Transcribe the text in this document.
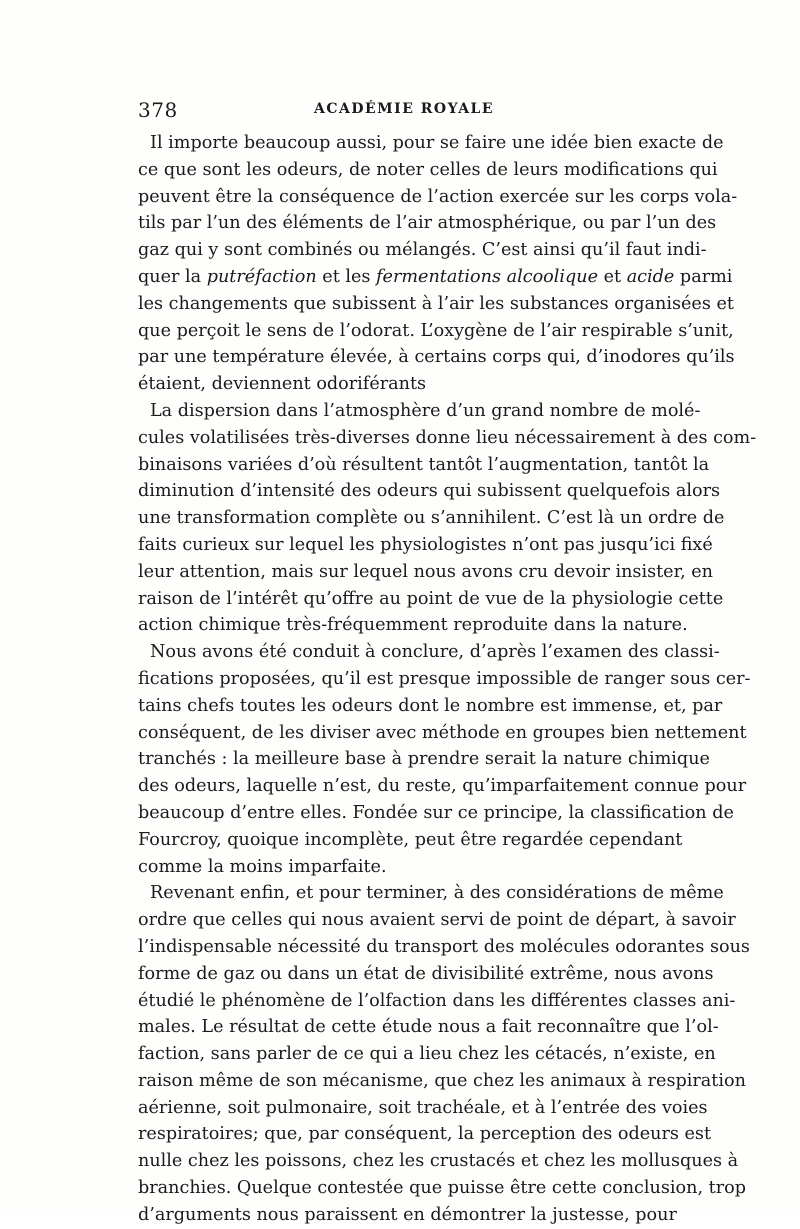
378	ACADÉMIE ROYALE
Il importe beaucoup aussi, pour se faire une idée bien exacte de
ce que sont les odeurs, de noter celles de leurs modifications qui
peuvent être la conséquence de l’action exercée sur les corps vola-
tils par l’un des éléments de l’air atmosphérique, ou par l’un des
gaz qui y sont combinés ou mélangés. C’est ainsi qu’il faut indi-
quer la putréfaction et les fermentations alcoolique et acide parmi
les changements que subissent à l’air les substances organisées et
que perçoit le sens de l’odorat. L’oxygène de l’air respirable s’unit,
par une température élevée, à certains corps qui, d’inodores qu’ils
étaient, deviennent odoriférants
La dispersion dans l’atmosphère d’un grand nombre de molé-
cules volatilisées très-diverses donne lieu nécessairement à des com-
binaisons variées d’où résultent tantôt l’augmentation, tantôt la
diminution d’intensité des odeurs qui subissent quelquefois alors
une transformation complète ou s’annihilent. C’est là un ordre de
faits curieux sur lequel les physiologistes n’ont pas jusqu’ici fixé
leur attention, mais sur lequel nous avons cru devoir insister, en
raison de l’intérêt qu’offre au point de vue de la physiologie cette
action chimique très-fréquemment reproduite dans la nature.
Nous avons été conduit à conclure, d’après l’examen des classi-
fications proposées, qu’il est presque impossible de ranger sous cer-
tains chefs toutes les odeurs dont le nombre est immense, et, par
conséquent, de les diviser avec méthode en groupes bien nettement
tranchés : la meilleure base à prendre serait la nature chimique
des odeurs, laquelle n’est, du reste, qu’imparfaitement connue pour
beaucoup d’entre elles. Fondée sur ce principe, la classification de
Fourcroy, quoique incomplète, peut être regardée cependant
comme la moins imparfaite.
Revenant enfin, et pour terminer, à des considérations de même
ordre que celles qui nous avaient servi de point de départ, à savoir
l’indispensable nécessité du transport des molécules odorantes sous
forme de gaz ou dans un état de divisibilité extrême, nous avons
étudié le phénomène de l’olfaction dans les différentes classes ani-
males. Le résultat de cette étude nous a fait reconnaître que l’ol-
faction, sans parler de ce qui a lieu chez les cétacés, n’existe, en
raison même de son mécanisme, que chez les animaux à respiration
aérienne, soit pulmonaire, soit trachéale, et à l’entrée des voies
respiratoires; que, par conséquent, la perception des odeurs est
nulle chez les poissons, chez les crustacés et chez les mollusques à
branchies. Quelque contestée que puisse être cette conclusion, trop
d’arguments nous paraissent en démontrer la justesse, pour
